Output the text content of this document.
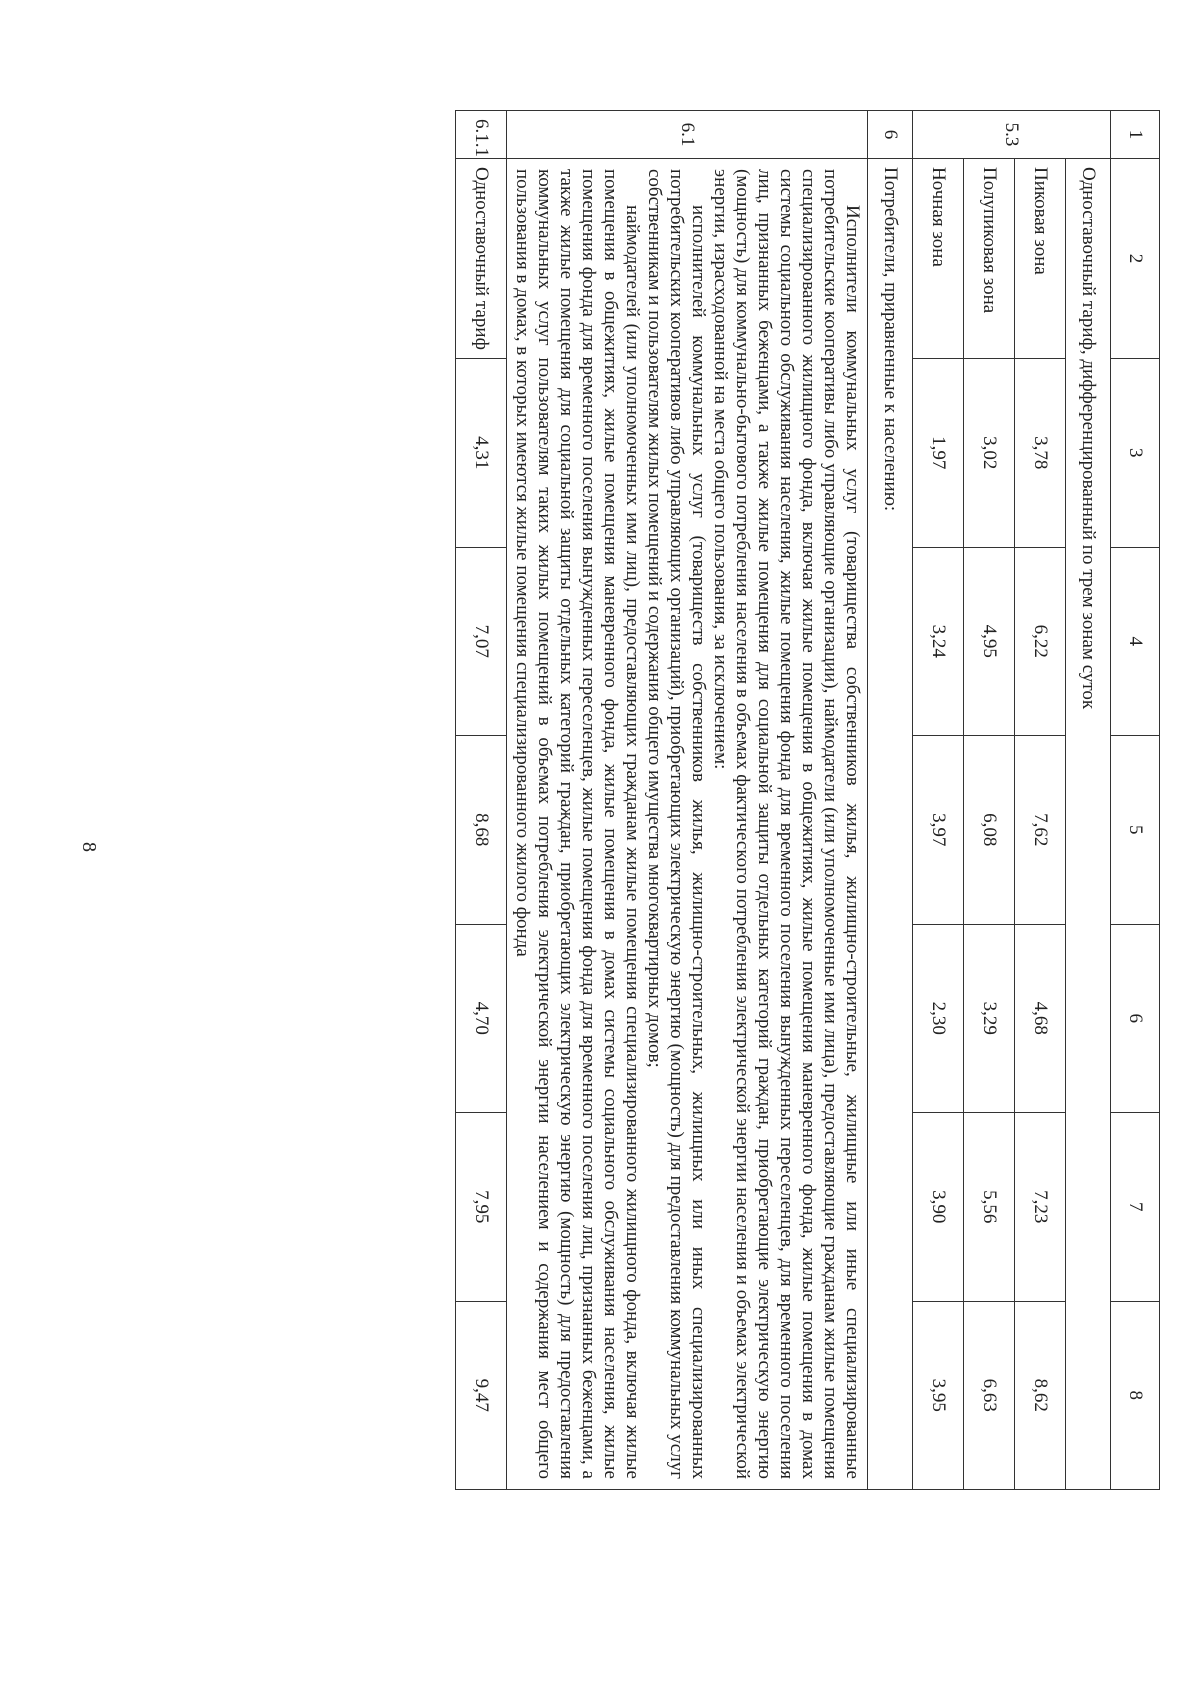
8
1	2	3	4	5	6	7	8
5.3	Одноставочный тариф, дифференцированный по трем зонам суток						
	Пиковая зона	3,78	6,22	7,62	4,68	7,23	8,62
	Полупиковая зона	3,02	4,95	6,08	3,29	5,56	6,63
	Ночная зона	1,97	3,24	3,97	2,30	3,90	3,95
6	Потребители, приравненные к населению:						
6.1	Исполнители коммунальных услуг (товарищества собственников жилья, жилищно-строительные, жилищные или иные специализированные потребительские кооперативы либо управляющие организации), наймодатели (или уполномоченные ими лица), предоставляющие гражданам жилые помещения специализированного жилищного фонда, включая жилые помещения в общежитиях, жилые помещения маневренного фонда, жилые помещения в домах системы социального обслуживания населения, жилые помещения фонда для временного поселения вынужденных переселенцев, для временного поселения лиц, признанных беженцами, а также жилые помещения для социальной защиты отдельных категорий граждан, приобретающие электрическую энергию (мощность) для коммунально-бытового потребления населения в объемах фактического потребления электрической энергии населения и объемах электрической энергии, израсходованной на места общего пользования, за исключением:

исполнителей коммунальных услуг (товариществ собственников жилья, жилищно-строительных, жилищных или иных специализированных потребительских кооперативов либо управляющих организаций), приобретающих электрическую энергию (мощность) для предоставления коммунальных услуг собственникам и пользователям жилых помещений и содержания общего имущества многоквартирных домов;

наймодателей (или уполномоченных ими лиц), предоставляющих гражданам жилые помещения специализированного жилищного фонда, включая жилые помещения в общежитиях, жилые помещения маневренного фонда, жилые помещения в домах системы социального обслуживания населения, жилые помещения фонда для временного поселения вынужденных переселенцев, жилые помещения фонда для временного поселения лиц, признанных беженцами, а также жилые помещения для социальной защиты отдельных категорий граждан, приобретающих электрическую энергию (мощность) для предоставления коммунальных услуг пользователям таких жилых помещений в объемах потребления электрической энергии населением и содержания мест общего пользования в домах, в которых имеются жилые помещения специализированного жилого фонда						

6.1.1	Одноставочный тариф	4,31	7,07	8,68	4,70	7,95	9,47
